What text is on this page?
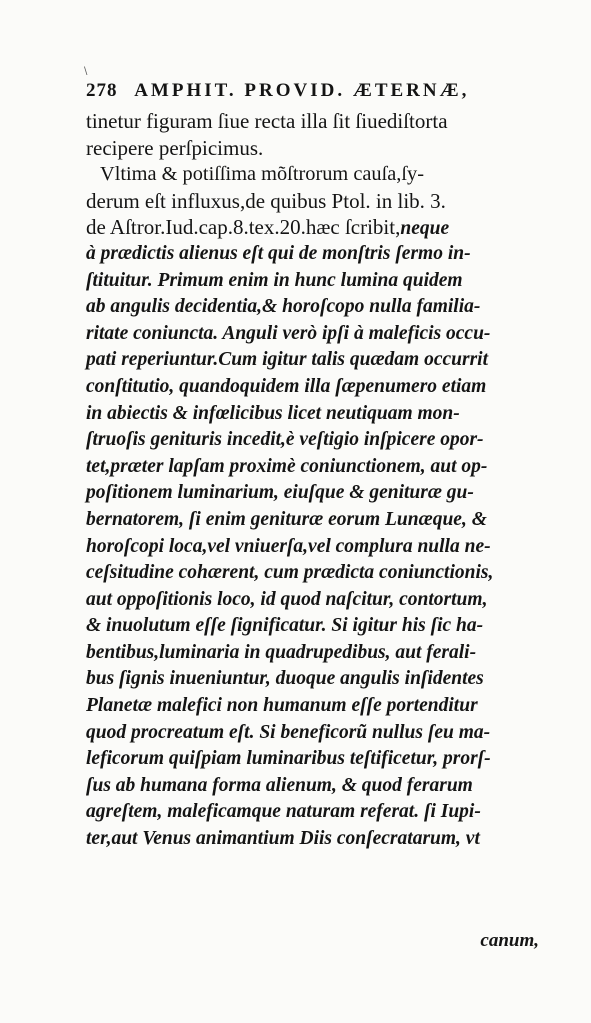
278 AMPHIT. PROVID. ÆTERNÆ,
tinetur figuram ſiue recta illa ſit ſiuediſtorta
recipere perſpicimus.
Vltima & potiſſima mõſtrorum cauſa,ſy-
derum eſt influxus,de quibus Ptol. in lib. 3.
de Aſtror.Iud.cap.8.tex.20.hæc ſcribit,neque
à prædictis alienus eſt qui de monſtris ſermo in-
ſtituitur. Primum enim in hunc lumina quidem
ab angulis decidentia,& horoſcopo nulla familia-
ritate coniuncta. Anguli verò ipſi à maleficis occu-
pati reperiuntur.Cum igitur talis quædam occurrit
conſtitutio, quandoquidem illa ſæpenumero etiam
in abiectis & infœlicibus licet neutiquam mon-
ſtruoſis genituris incedit,è veſtigio inſpicere opor-
tet,præter lapſam proximè coniunctionem, aut op-
poſitionem luminarium, eiuſque & genituræ gu-
bernatorem, ſi enim genituræ eorum Lunæque, &
horoſcopi loca,vel vniuerſa,vel complura nulla ne-
ceſsitudine cohærent, cum prædicta coniunctionis,
aut oppoſitionis loco, id quod naſcitur, contortum,
& inuolutum eſſe ſignificatur. Si igitur his ſic ha-
bentibus,luminaria in quadrupedibus, aut ferali-
bus ſignis inueniuntur, duoque angulis inſidentes
Planetæ malefici non humanum eſſe portenditur
quod procreatum eſt. Si beneficorũ nullus ſeu ma-
leficorum quiſpiam luminaribus teſtificetur, prorſ-
ſus ab humana forma alienum, & quod ferarum
agreſtem, maleficamque naturam referat. ſi Iupi-
ter,aut Venus animantium Diis conſecratarum, vt
canum,
\
